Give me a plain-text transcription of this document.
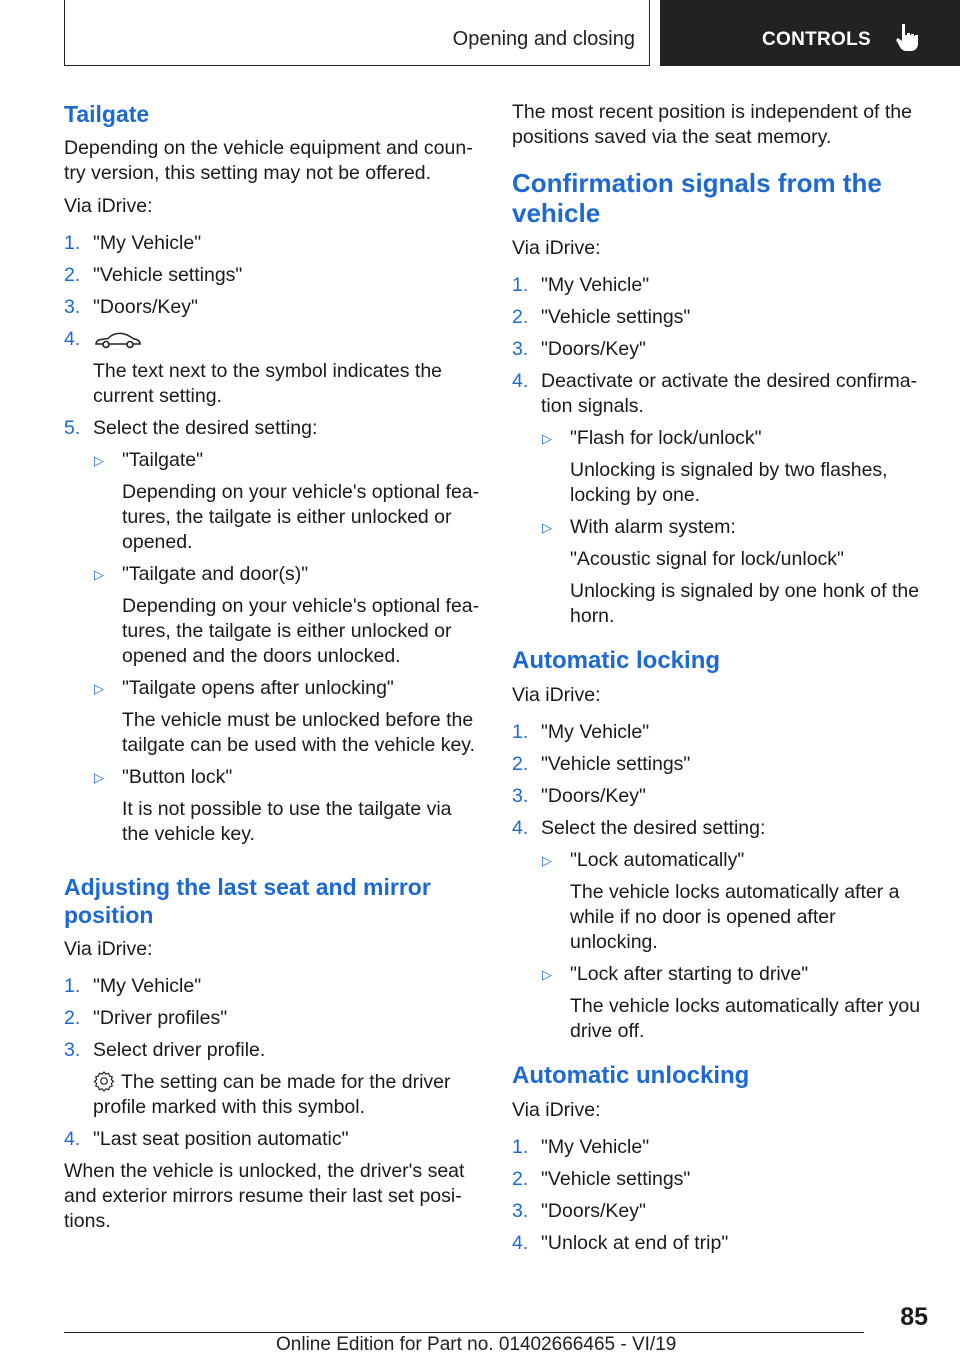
Opening and closing	CONTROLS
Tailgate

Depending on the vehicle equipment and country version, this setting may not be offered.

Via iDrive:

1. "My Vehicle"
2. "Vehicle settings"
3. "Doors/Key"
4.
The text next to the symbol indicates the current setting.
5. Select the desired setting:
▷ "Tailgate"
Depending on your vehicle's optional features, the tailgate is either unlocked or opened.
▷ "Tailgate and door(s)"
Depending on your vehicle's optional features, the tailgate is either unlocked or opened and the doors unlocked.
▷ "Tailgate opens after unlocking"
The vehicle must be unlocked before the tailgate can be used with the vehicle key.
▷ "Button lock"
It is not possible to use the tailgate via the vehicle key.
Adjusting the last seat and mirror position

Via iDrive:

1. "My Vehicle"
2. "Driver profiles"
3. Select driver profile.
The setting can be made for the driver profile marked with this symbol.
4. "Last seat position automatic"

When the vehicle is unlocked, the driver's seat and exterior mirrors resume their last set positions.

The most recent position is independent of the positions saved via the seat memory.

Confirmation signals from the vehicle

Via iDrive:

1. "My Vehicle"
2. "Vehicle settings"
3. "Doors/Key"
4. Deactivate or activate the desired confirmation signals.
▷ "Flash for lock/unlock"
Unlocking is signaled by two flashes, locking by one.
▷ With alarm system:
"Acoustic signal for lock/unlock"
Unlocking is signaled by one honk of the horn.
Automatic locking

Via iDrive:

1. "My Vehicle"
2. "Vehicle settings"
3. "Doors/Key"
4. Select the desired setting:
▷ "Lock automatically"
The vehicle locks automatically after a while if no door is opened after unlocking.
▷ "Lock after starting to drive"
The vehicle locks automatically after you drive off.
Automatic unlocking

Via iDrive:

1. "My Vehicle"
2. "Vehicle settings"
3. "Doors/Key"
4. "Unlock at end of trip"
85
Online Edition for Part no. 01402666465 - VI/19
